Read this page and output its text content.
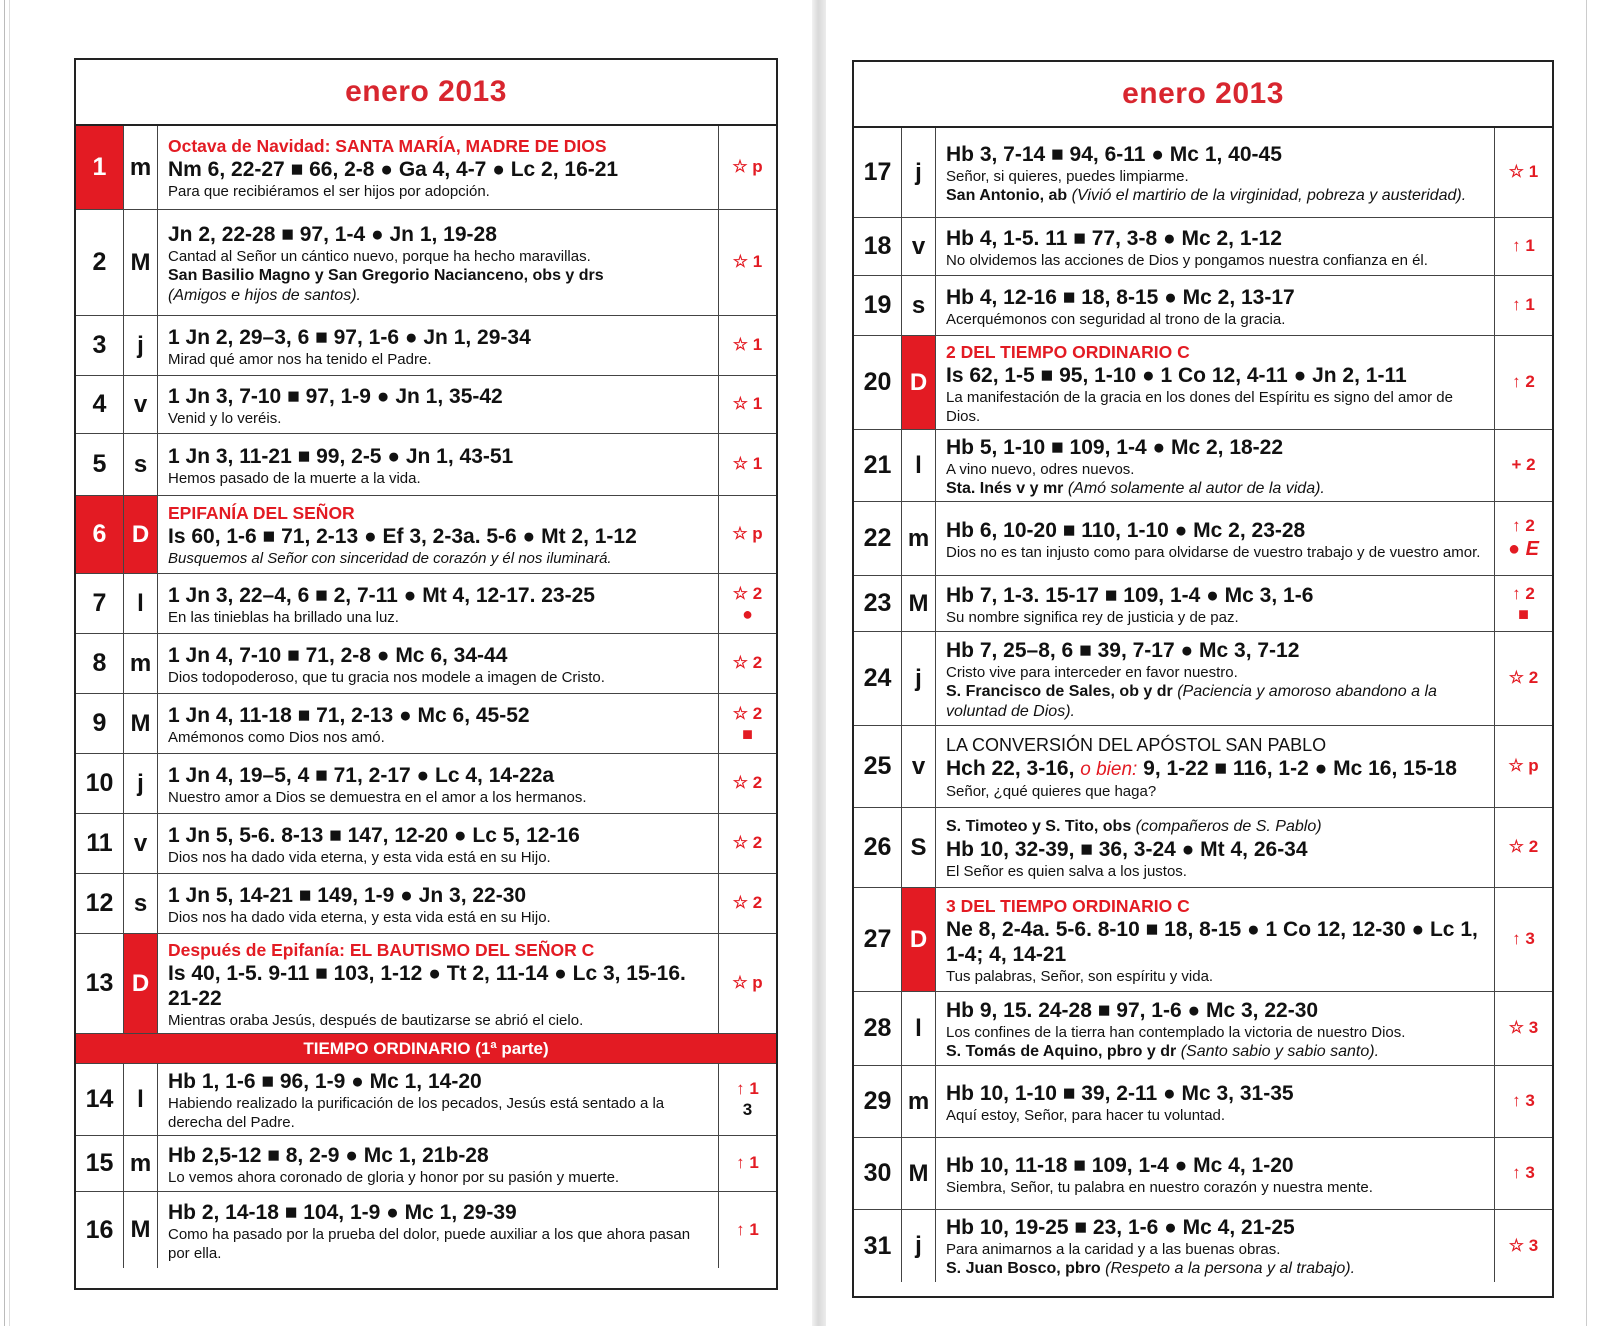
enero 2013
1 m
Octava de Navidad: SANTA MARÍA, MADRE DE DIOS
Nm 6, 22-27 ■ 66, 2-8 ● Ga 4, 4-7 ● Lc 2, 16-21
Para que recibiéramos el ser hijos por adopción.
☆ p
2	M
Jn 2, 22-28 ■ 97, 1-4 ● Jn 1, 19-28
Cantad al Señor un cántico nuevo, porque ha hecho maravillas.
San Basilio Magno y San Gregorio Nacianceno, obs y drs
(Amigos e hijos de santos).
☆ 1
3	j	1 Jn 2, 29–3, 6 ■ 97, 1-6 ● Jn 1, 29-34
Mirad qué amor nos ha tenido el Padre.
☆ 1
4	v 1 Jn 3, 7-10 ■ 97, 1-9 ● Jn 1, 35-42
Venid y lo veréis.
☆ 1
5	s 1 Jn 3, 11-21 ■ 99, 2-5 ● Jn 1, 43-51
Hemos pasado de la muerte a la vida.
☆ 1
6	D
EPIFANÍA DEL SEÑOR
Is 60, 1-6 ■ 71, 2-13 ● Ef 3, 2-3a. 5-6 ● Mt 2, 1-12
Busquemos al Señor con sinceridad de corazón y él nos iluminará.
☆ p
7	l	1 Jn 3, 22–4, 6 ■ 2, 7-11 ● Mt 4, 12-17. 23-25
En las tinieblas ha brillado una luz.
☆ 2
●
8 m 1 Jn 4, 7-10 ■ 71, 2-8 ● Mc 6, 34-44
Dios todopoderoso, que tu gracia nos modele a imagen de Cristo.
☆ 2
9	M 1 Jn 4, 11-18 ■ 71, 2-13 ● Mc 6, 45-52
Amémonos como Dios nos amó.
☆ 2
■
10 j	1 Jn 4, 19–5, 4 ■ 71, 2-17 ● Lc 4, 14-22a
Nuestro amor a Dios se demuestra en el amor a los hermanos.
☆ 2
11 v 1 Jn 5, 5-6. 8-13 ■ 147, 12-20 ● Lc 5, 12-16
Dios nos ha dado vida eterna, y esta vida está en su Hijo.
☆ 2
12 s 1 Jn 5, 14-21 ■ 149, 1-9 ● Jn 3, 22-30
Dios nos ha dado vida eterna, y esta vida está en su Hijo.
☆ 2
13 D
Después de Epifanía: EL BAUTISMO DEL SEÑOR C
Is 40, 1-5. 9-11 ■ 103, 1-12 ● Tt 2, 11-14 ● Lc 3, 15-16. 21-22
Mientras oraba Jesús, después de bautizarse se abrió el cielo.
☆ p
TIEMPO ORDINARIO (1ª parte)
14 l
Hb 1, 1-6 ■ 96, 1-9 ● Mc 1, 14-20
Habiendo realizado la purificación de los pecados, Jesús está sentado a la derecha del Padre.
↑ 1
3
15 m Hb 2,5-12 ■ 8, 2-9 ● Mc 1, 21b-28
Lo vemos ahora coronado de gloria y honor por su pasión y muerte.
↑ 1
16 M
Hb 2, 14-18 ■ 104, 1-9 ● Mc 1, 29-39
Como ha pasado por la prueba del dolor, puede auxiliar a los que ahora pasan por ella.
↑ 1
enero 2013
17 j
Hb 3, 7-14 ■ 94, 6-11 ● Mc 1, 40-45
Señor, si quieres, puedes limpiarme.
San Antonio, ab (Vivió el martirio de la virginidad, pobreza y austeridad).
☆ 1
18 v Hb 4, 1-5. 11 ■ 77, 3-8 ● Mc 2, 1-12
No olvidemos las acciones de Dios y pongamos nuestra confianza en él.
↑ 1
19 s Hb 4, 12-16 ■ 18, 8-15 ● Mc 2, 13-17
Acerquémonos con seguridad al trono de la gracia.
↑ 1
20 D
2 DEL TIEMPO ORDINARIO C
Is 62, 1-5 ■ 95, 1-10 ● 1 Co 12, 4-11 ● Jn 2, 1-11
La manifestación de la gracia en los dones del Espíritu es signo del amor de Dios.
↑ 2
21 l
Hb 5, 1-10 ■ 109, 1-4 ● Mc 2, 18-22
A vino nuevo, odres nuevos.
Sta. Inés v y mr (Amó solamente al autor de la vida).
+ 2
22 m Hb 6, 10-20 ■ 110, 1-10 ● Mc 2, 23-28
Dios no es tan injusto como para olvidarse de vuestro trabajo y de vuestro amor.
↑ 2
● E
23 M Hb 7, 1-3. 15-17 ■ 109, 1-4 ● Mc 3, 1-6
Su nombre significa rey de justicia y de paz.
↑ 2
■
24 j
Hb 7, 25–8, 6 ■ 39, 7-17 ● Mc 3, 7-12
Cristo vive para interceder en favor nuestro.
S. Francisco de Sales, ob y dr (Paciencia y amoroso abandono a la voluntad de Dios).
☆ 2
25 v
LA CONVERSIÓN DEL APÓSTOL SAN PABLO
Hch 22, 3-16, o bien: 9, 1-22 ■ 116, 1-2 ● Mc 16, 15-18
Señor, ¿qué quieres que haga?
☆ p
26 S
S. Timoteo y S. Tito, obs (compañeros de S. Pablo)
Hb 10, 32-39, ■ 36, 3-24 ● Mt 4, 26-34
El Señor es quien salva a los justos.
☆ 2
27 D
3 DEL TIEMPO ORDINARIO C
Ne 8, 2-4a. 5-6. 8-10 ■ 18, 8-15 ● 1 Co 12, 12-30 ● Lc 1, 1-4; 4, 14-21
Tus palabras, Señor, son espíritu y vida.
↑ 3
28 l
Hb 9, 15. 24-28 ■ 97, 1-6 ● Mc 3, 22-30
Los confines de la tierra han contemplado la victoria de nuestro Dios.
S. Tomás de Aquino, pbro y dr (Santo sabio y sabio santo).
☆ 3
29 m Hb 10, 1-10 ■ 39, 2-11 ● Mc 3, 31-35
Aquí estoy, Señor, para hacer tu voluntad.
↑ 3
30 M Hb 10, 11-18 ■ 109, 1-4 ● Mc 4, 1-20
Siembra, Señor, tu palabra en nuestro corazón y nuestra mente.
↑ 3
31 j
Hb 10, 19-25 ■ 23, 1-6 ● Mc 4, 21-25
Para animarnos a la caridad y a las buenas obras.
S. Juan Bosco, pbro (Respeto a la persona y al trabajo).
☆ 3
